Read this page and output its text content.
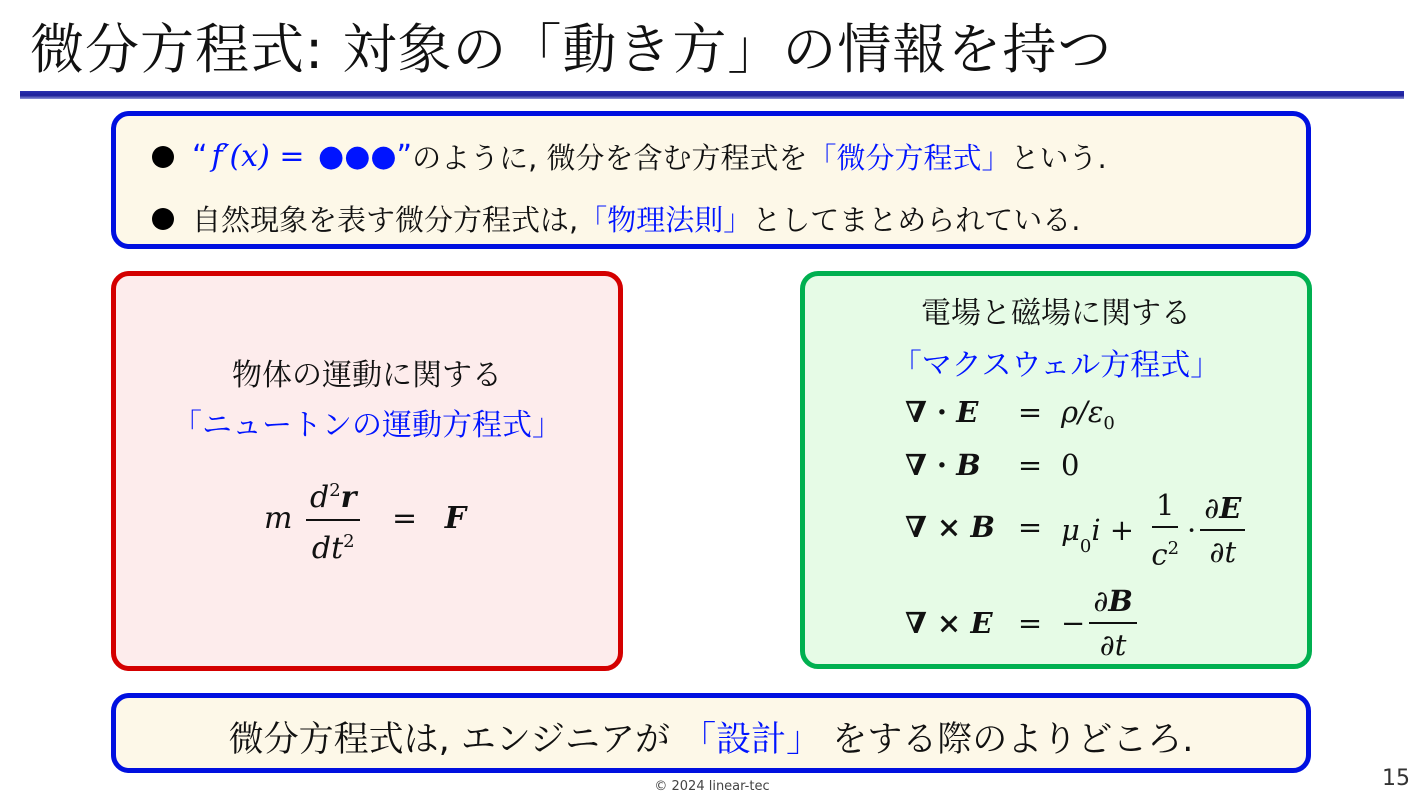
微分方程式: 対象の「動き方」の情報を持つ
“ f′(x) = ●●●” のように, 微分を含む方程式を 「微分方程式」 という.
自然現象を表す微分方程式は, 「物理法則」 としてまとめられている.
物体の運動に関する
「ニュートンの運動方程式」
m $\frac{d^2r}{dt^2} = F$
電場と磁場に関する
「マクスウェル方程式」
∇ · E	= $\rho/\varepsilon_0$
∇ · B	= 0
∇ × $B = \mu_0i + \frac{1}{c^2} \cdot \frac{\partial E}{\partial t}$
∇ × E = − $\frac{\partial B}{\partial t}$
微分方程式は, エンジニアが 「設計」 をする際のよりどころ.
© 2024 linear-tec	15
